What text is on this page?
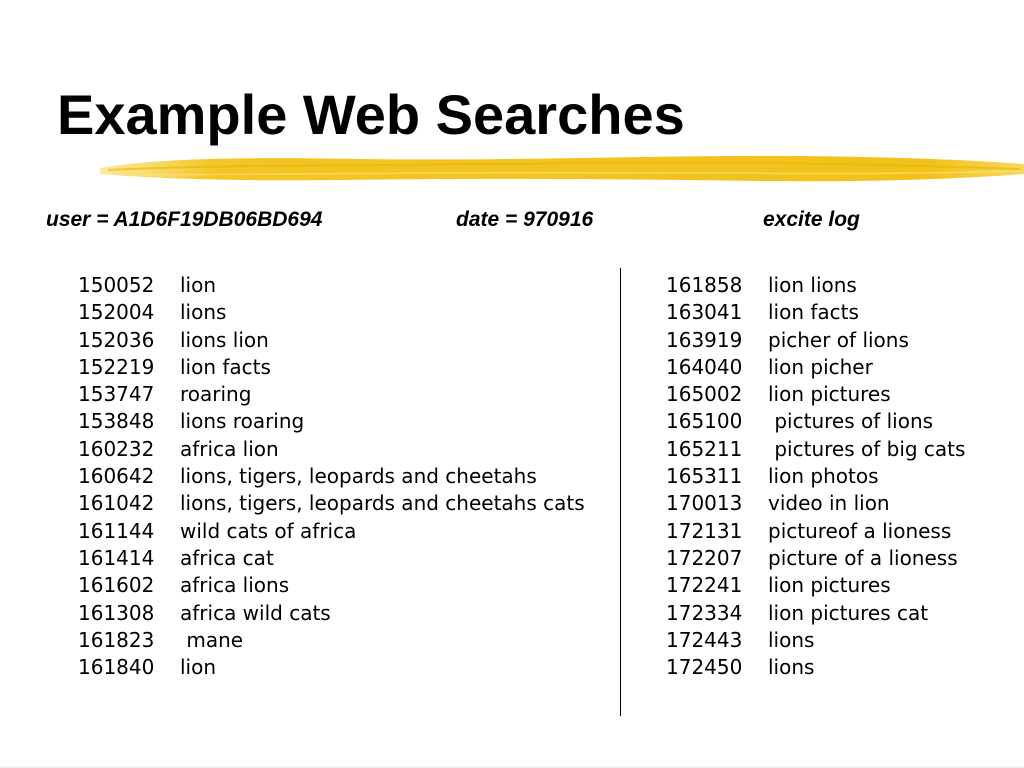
Example Web Searches

user = A1D6F19DB06BD694	date = 970916	excite log

150052 lion
152004 lions
152036 lions lion
152219 lion facts
153747 roaring
153848 lions roaring
160232 africa lion
160642 lions, tigers, leopards and cheetahs
161042 lions, tigers, leopards and cheetahs cats
161144 wild cats of africa
161414 africa cat
161602 africa lions
161308 africa wild cats
161823 mane
161840 lion
161858 lion lions
163041 lion facts
163919 picher of lions
164040 lion picher
165002 lion pictures
165100 pictures of lions
165211 pictures of big cats
165311 lion photos
170013 video in lion
172131 pictureof a lioness
172207 picture of a lioness
172241 lion pictures
172334 lion pictures cat
172443 lions
172450 lions
